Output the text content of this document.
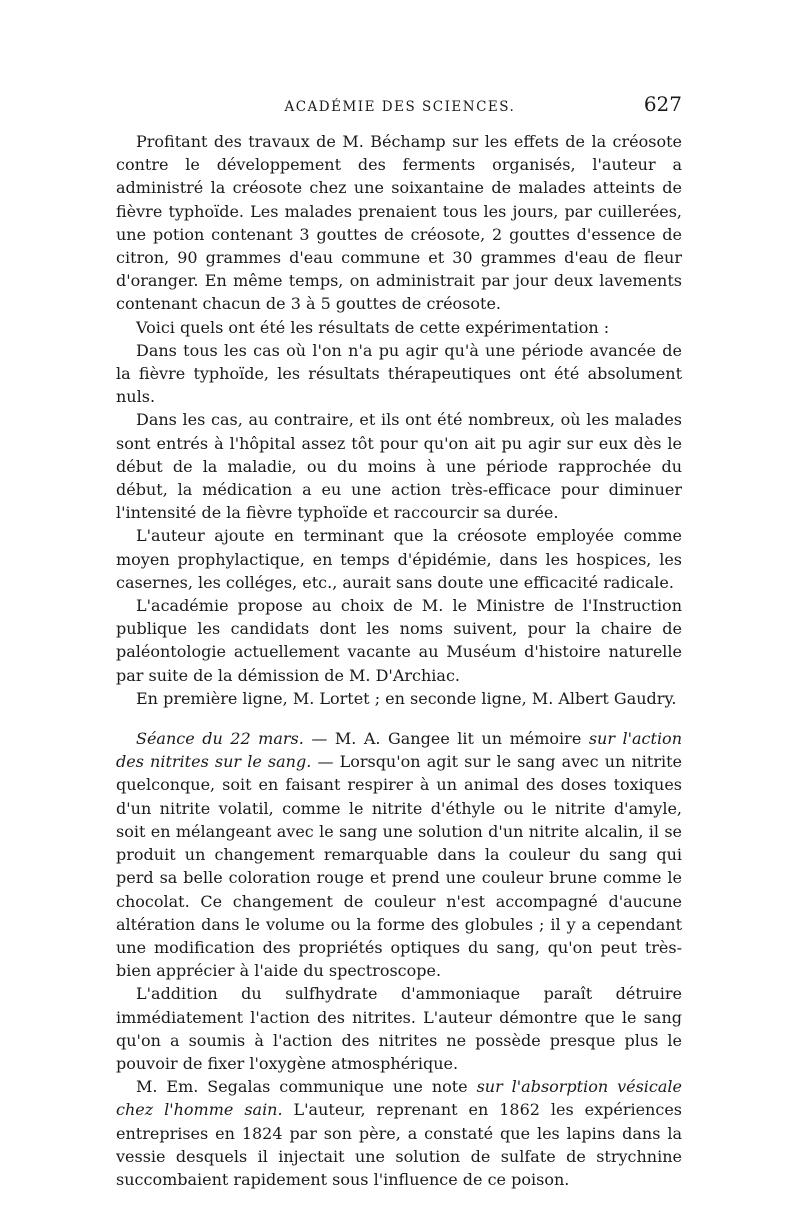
ACADÉMIE DES SCIENCES.	627

Profitant des travaux de M. Béchamp sur les effets de la créosote contre le développement des ferments organisés, l'auteur a administré la créosote chez une soixantaine de malades atteints de fièvre typhoïde. Les malades prenaient tous les jours, par cuillerées, une potion contenant 3 gouttes de créosote, 2 gouttes d'essence de citron, 90 grammes d'eau commune et 30 grammes d'eau de fleur d'oranger. En même temps, on administrait par jour deux lavements contenant chacun de 3 à 5 gouttes de créosote.

Voici quels ont été les résultats de cette expérimentation :

Dans tous les cas où l'on n'a pu agir qu'à une période avancée de la fièvre typhoïde, les résultats thérapeutiques ont été absolument nuls.

Dans les cas, au contraire, et ils ont été nombreux, où les malades sont entrés à l'hôpital assez tôt pour qu'on ait pu agir sur eux dès le début de la maladie, ou du moins à une période rapprochée du début, la médication a eu une action très-efficace pour diminuer l'intensité de la fièvre typhoïde et raccourcir sa durée.

L'auteur ajoute en terminant que la créosote employée comme moyen prophylactique, en temps d'épidémie, dans les hospices, les casernes, les colléges, etc., aurait sans doute une efficacité radicale.

L'académie propose au choix de M. le Ministre de l'Instruction publique les candidats dont les noms suivent, pour la chaire de paléontologie actuellement vacante au Muséum d'histoire naturelle par suite de la démission de M. D'Archiac.

En première ligne, M. Lortet ; en seconde ligne, M. Albert Gaudry.

Séance du 22 mars. — M. A. Gangee lit un mémoire sur l'action des nitrites sur le sang. — Lorsqu'on agit sur le sang avec un nitrite quelconque, soit en faisant respirer à un animal des doses toxiques d'un nitrite volatil, comme le nitrite d'éthyle ou le nitrite d'amyle, soit en mélangeant avec le sang une solution d'un nitrite alcalin, il se produit un changement remarquable dans la couleur du sang qui perd sa belle coloration rouge et prend une couleur brune comme le chocolat. Ce changement de couleur n'est accompagné d'aucune altération dans le volume ou la forme des globules ; il y a cependant une modification des propriétés optiques du sang, qu'on peut très-bien apprécier à l'aide du spectroscope.

L'addition du sulfhydrate d'ammoniaque paraît détruire immédiatement l'action des nitrites. L'auteur démontre que le sang qu'on a soumis à l'action des nitrites ne possède presque plus le pouvoir de fixer l'oxygène atmosphérique.

M. Em. Segalas communique une note sur l'absorption vésicale chez l'homme sain. L'auteur, reprenant en 1862 les expériences entreprises en 1824 par son père, a constaté que les lapins dans la vessie desquels il injectait une solution de sulfate de strychnine succombaient rapidement sous l'influence de ce poison.
